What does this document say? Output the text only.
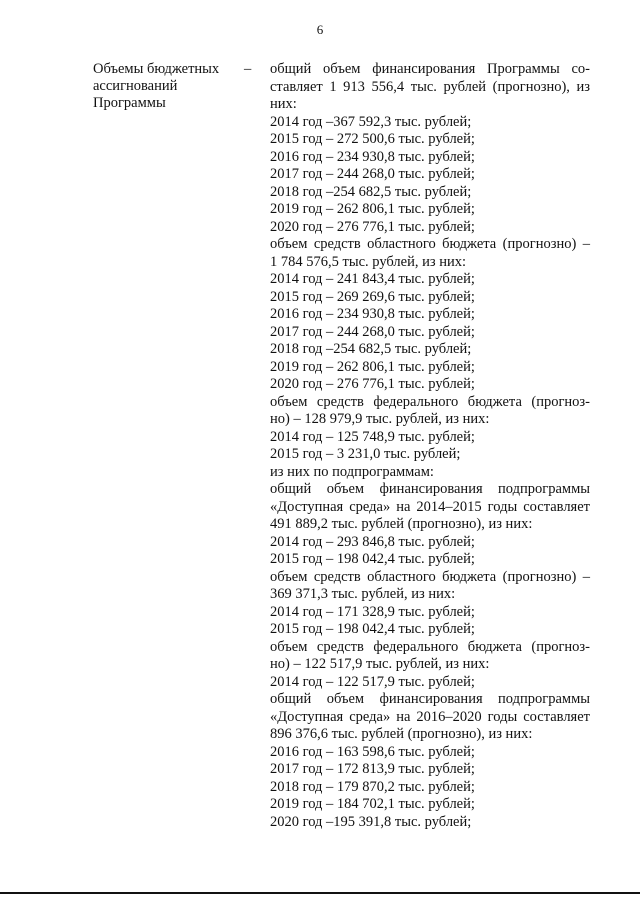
6
Объемы бюджетных
ассигнований
Программы
– общий объем финансирования Программы со-
ставляет 1 913 556,4 тыс. рублей (прогнозно), из
них:
2014 год –367 592,3 тыс. рублей;
2015 год – 272 500,6 тыс. рублей;
2016 год – 234 930,8 тыс. рублей;
2017 год – 244 268,0 тыс. рублей;
2018 год –254 682,5 тыс. рублей;
2019 год – 262 806,1 тыс. рублей;
2020 год – 276 776,1 тыс. рублей;
объем средств областного бюджета (прогнозно) –
1 784 576,5 тыс. рублей, из них:
2014 год – 241 843,4 тыс. рублей;
2015 год – 269 269,6 тыс. рублей;
2016 год – 234 930,8 тыс. рублей;
2017 год – 244 268,0 тыс. рублей;
2018 год –254 682,5 тыс. рублей;
2019 год – 262 806,1 тыс. рублей;
2020 год – 276 776,1 тыс. рублей;
объем средств федерального бюджета (прогноз-
но) – 128 979,9 тыс. рублей, из них:
2014 год – 125 748,9 тыс. рублей;
2015 год – 3 231,0 тыс. рублей;
из них по подпрограммам:
общий объем финансирования подпрограммы
«Доступная среда» на 2014–2015 годы составляет
491 889,2 тыс. рублей (прогнозно), из них:
2014 год – 293 846,8 тыс. рублей;
2015 год – 198 042,4 тыс. рублей;
объем средств областного бюджета (прогнозно) –
369 371,3 тыс. рублей, из них:
2014 год – 171 328,9 тыс. рублей;
2015 год – 198 042,4 тыс. рублей;
объем средств федерального бюджета (прогноз-
но) – 122 517,9 тыс. рублей, из них:
2014 год – 122 517,9 тыс. рублей;
общий объем финансирования подпрограммы
«Доступная среда» на 2016–2020 годы составляет
896 376,6 тыс. рублей (прогнозно), из них:
2016 год – 163 598,6 тыс. рублей;
2017 год – 172 813,9 тыс. рублей;
2018 год – 179 870,2 тыс. рублей;
2019 год – 184 702,1 тыс. рублей;
2020 год –195 391,8 тыс. рублей;
